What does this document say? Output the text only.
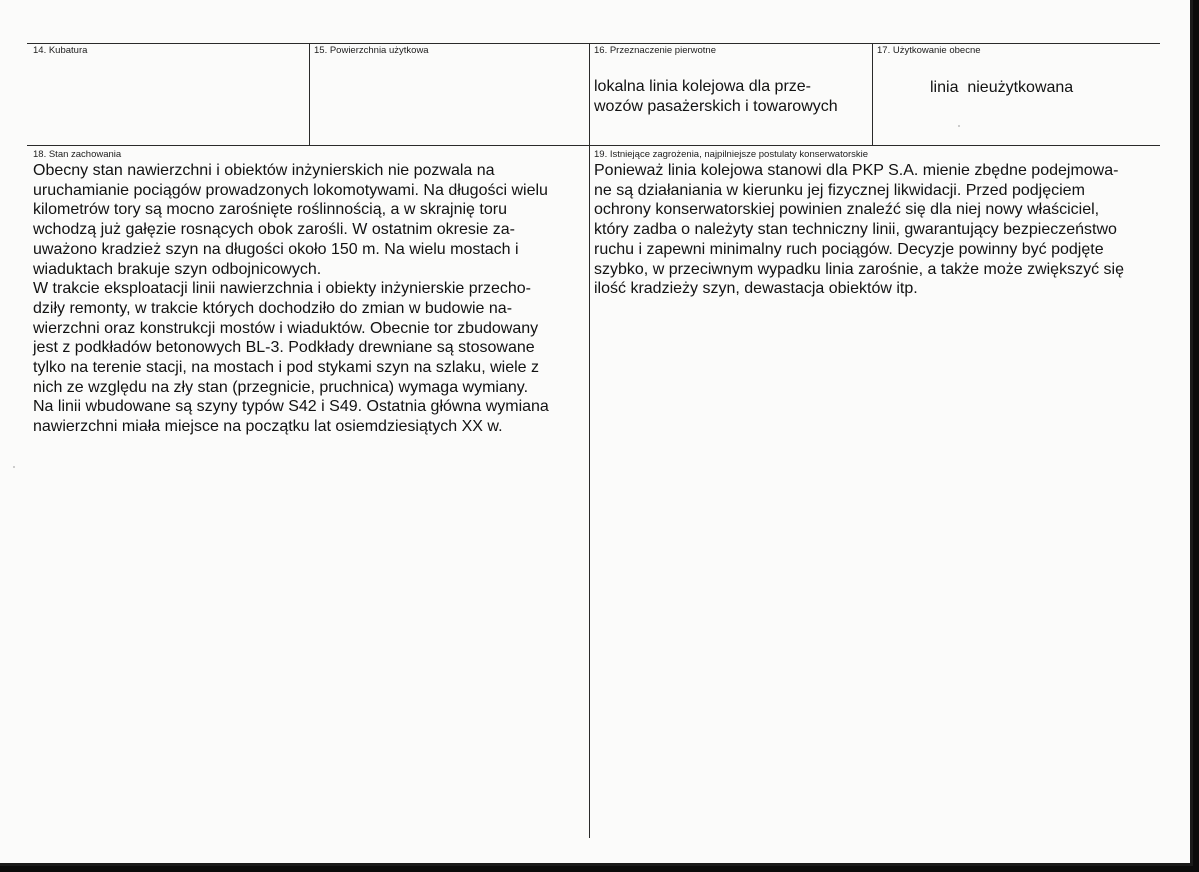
14. Kubatura	15. Powierzchnia użytkowa	16. Przeznaczenie pierwotne
lokalna linia kolejowa dla prze-
wozów pasażerskich i towarowych
17. Użytkowanie obecne
linia  nieużytkowana
18. Stan zachowania
Obecny stan nawierzchni i obiektów inżynierskich nie pozwala na
uruchamianie pociągów prowadzonych lokomotywami. Na długości wielu
kilometrów tory są mocno zarośnięte roślinnością, a w skrajnię toru
wchodzą już gałęzie rosnących obok zarośli. W ostatnim okresie za-
uważono kradzież szyn na długości około 150 m. Na wielu mostach i
wiaduktach brakuje szyn odbojnicowych.
W trakcie eksploatacji linii nawierzchnia i obiekty inżynierskie przecho-
dziły remonty, w trakcie których dochodziło do zmian w budowie na-
wierzchni oraz konstrukcji mostów i wiaduktów. Obecnie tor zbudowany
jest z podkładów betonowych BL-3. Podkłady drewniane są stosowane
tylko na terenie stacji, na mostach i pod stykami szyn na szlaku, wiele z
nich ze względu na zły stan (przegnicie, pruchnica) wymaga wymiany.
Na linii wbudowane są szyny typów S42 i S49. Ostatnia główna wymiana
nawierzchni miała miejsce na początku lat osiemdziesiątych XX w.
19. Istniejące zagrożenia, najpilniejsze postulaty konserwatorskie
Ponieważ linia kolejowa stanowi dla PKP S.A. mienie zbędne podejmowa-
ne są działaniania w kierunku jej fizycznej likwidacji. Przed podjęciem
ochrony konserwatorskiej powinien znaleźć się dla niej nowy właściciel,
który zadba o należyty stan techniczny linii, gwarantujący bezpieczeństwo
ruchu i zapewni minimalny ruch pociągów. Decyzje powinny być podjęte
szybko, w przeciwnym wypadku linia zarośnie, a także może zwiększyć się
ilość kradzieży szyn, dewastacja obiektów itp.
